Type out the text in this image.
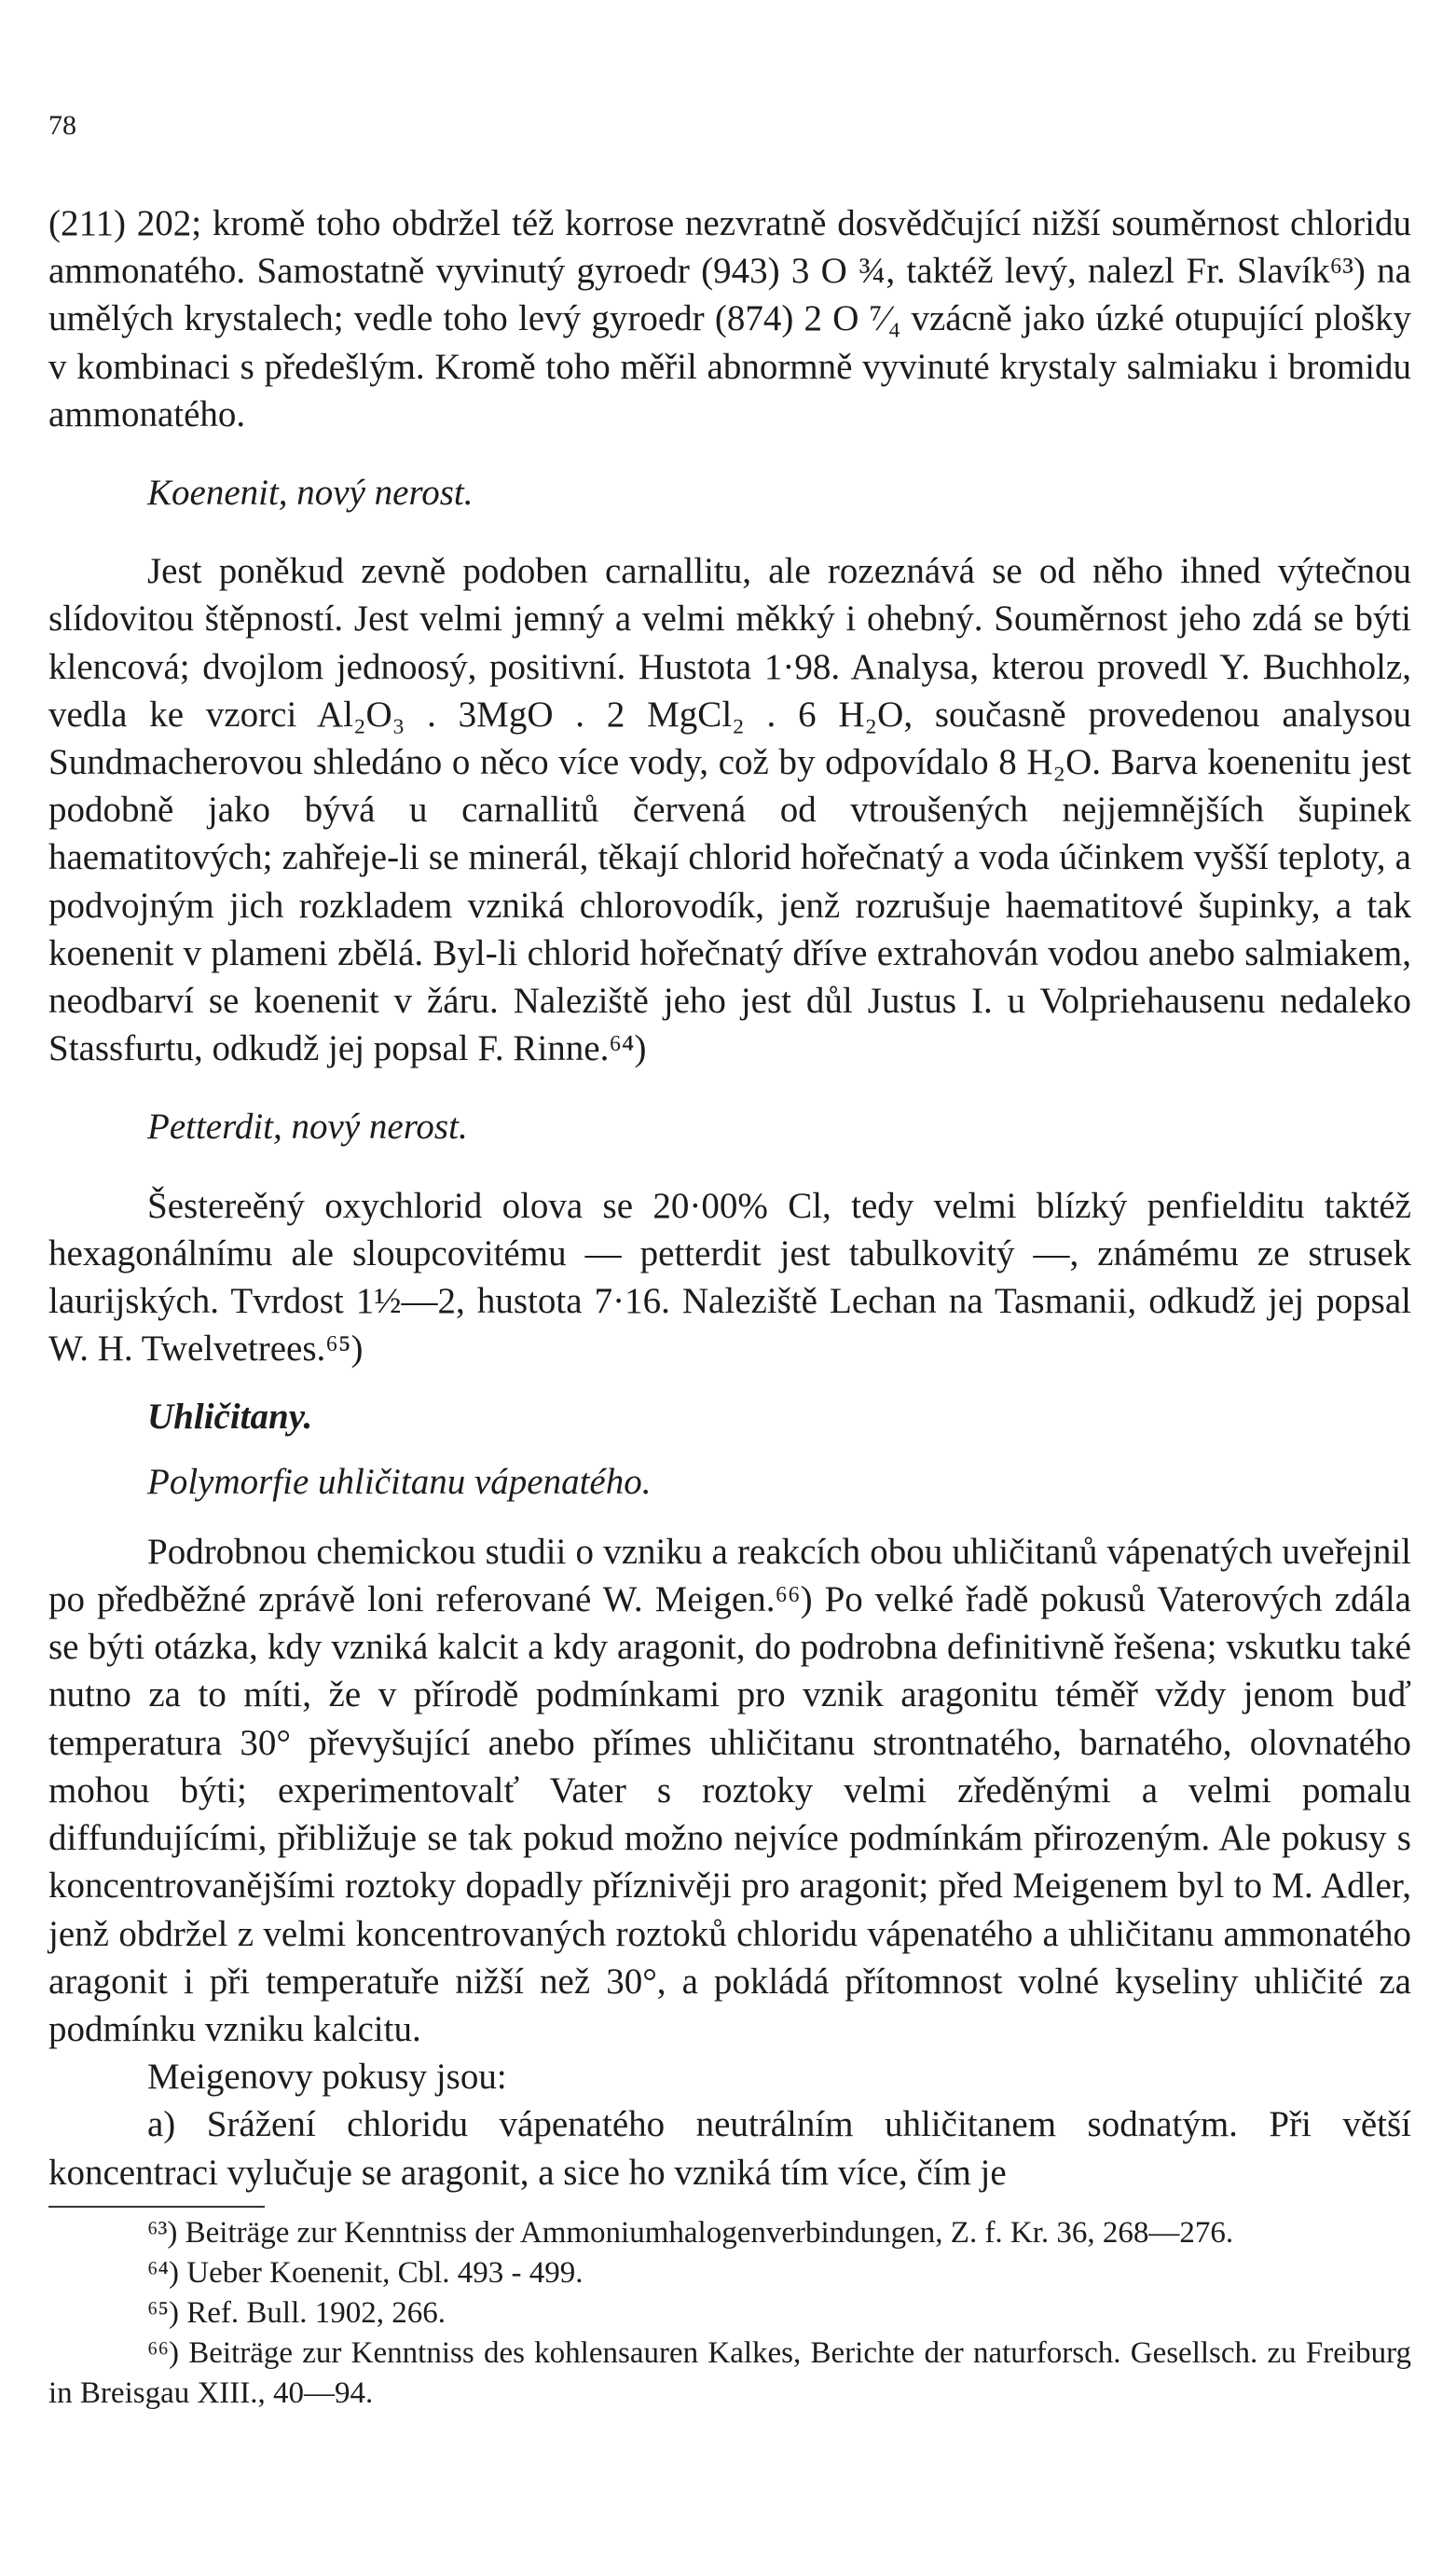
78

(211) 202; kromě toho obdržel též korrose nezvratně dosvědčující nižší souměrnost chloridu ammonatého. Samostatně vyvinutý gyroedr (943) 3 O ¾, taktéž levý, nalezl Fr. Slavík⁶³) na umělých krystalech; vedle toho levý gyroedr (874) 2 O ⁷⁄₄ vzácně jako úzké otupující plošky v kombinaci s předešlým. Kromě toho měřil abnormně vyvinuté krystaly salmiaku i bromidu ammonatého.

Koenenit, nový nerost.

Jest poněkud zevně podoben carnallitu, ale rozeznává se od něho ihned výtečnou slídovitou štěpností. Jest velmi jemný a velmi měkký i ohebný. Souměrnost jeho zdá se býti klencová; dvojlom jednoosý, positivní. Hustota 1·98. Analysa, kterou provedl Y. Buchholz, vedla ke vzorci Al₂O₃ . 3MgO . 2 MgCl₂ . 6 H₂O, současně provedenou analysou Sundmacherovou shledáno o něco více vody, což by odpovídalo 8 H₂O. Barva koenenitu jest podobně jako bývá u carnallitů červená od vtroušených nejjemnějších šupinek haematitových; zahřeje-li se minerál, těkají chlorid hořečnatý a voda účinkem vyšší teploty, a podvojným jich rozkladem vzniká chlorovodík, jenž rozrušuje haematitové šupinky, a tak koenenit v plameni zbělá. Byl-li chlorid hořečnatý dříve extrahován vodou anebo salmiakem, neodbarví se koenenit v žáru. Naleziště jeho jest důl Justus I. u Volpriehausenu nedaleko Stassfurtu, odkudž jej popsal F. Rinne.⁶⁴)

Petterdit, nový nerost.

Šestereěný oxychlorid olova se 20·00% Cl, tedy velmi blízký penfielditu taktéž hexagonálnímu ale sloupcovitému — petterdit jest tabulkovitý —, známému ze strusek laurijských. Tvrdost 1½—2, hustota 7·16. Naleziště Lechan na Tasmanii, odkudž jej popsal W. H. Twelvetrees.⁶⁵)

Uhličitany.

Polymorfie uhličitanu vápenatého.

Podrobnou chemickou studii o vzniku a reakcích obou uhličitanů vápenatých uveřejnil po předběžné zprávě loni referované W. Meigen.⁶⁶) Po velké řadě pokusů Vaterových zdála se býti otázka, kdy vzniká kalcit a kdy aragonit, do podrobna definitivně řešena; vskutku také nutno za to míti, že v přírodě podmínkami pro vznik aragonitu téměř vždy jenom buď temperatura 30° převyšující anebo přímes uhličitanu strontnatého, barnatého, olovnatého mohou býti; experimentovalť Vater s roztoky velmi zředěnými a velmi pomalu diffundujícími, přibližuje se tak pokud možno nejvíce podmínkám přirozeným. Ale pokusy s koncentrovanějšími roztoky dopadly příznivěji pro aragonit; před Meigenem byl to M. Adler, jenž obdržel z velmi koncentrovaných roztoků chloridu vápenatého a uhličitanu ammonatého aragonit i při temperatuře nižší než 30°, a pokládá přítomnost volné kyseliny uhličité za podmínku vzniku kalcitu.

Meigenovy pokusy jsou:

a) Srážení chloridu vápenatého neutrálním uhličitanem sodnatým. Při větší koncentraci vylučuje se aragonit, a sice ho vzniká tím více, čím je

⁶³) Beiträge zur Kenntniss der Ammoniumhalogenverbindungen, Z. f. Kr. 36, 268—276.

⁶⁴) Ueber Koenenit, Cbl. 493 - 499.

⁶⁵) Ref. Bull. 1902, 266.

⁶⁶) Beiträge zur Kenntniss des kohlensauren Kalkes, Berichte der naturforsch. Gesellsch. zu Freiburg in Breisgau XIII., 40—94.
